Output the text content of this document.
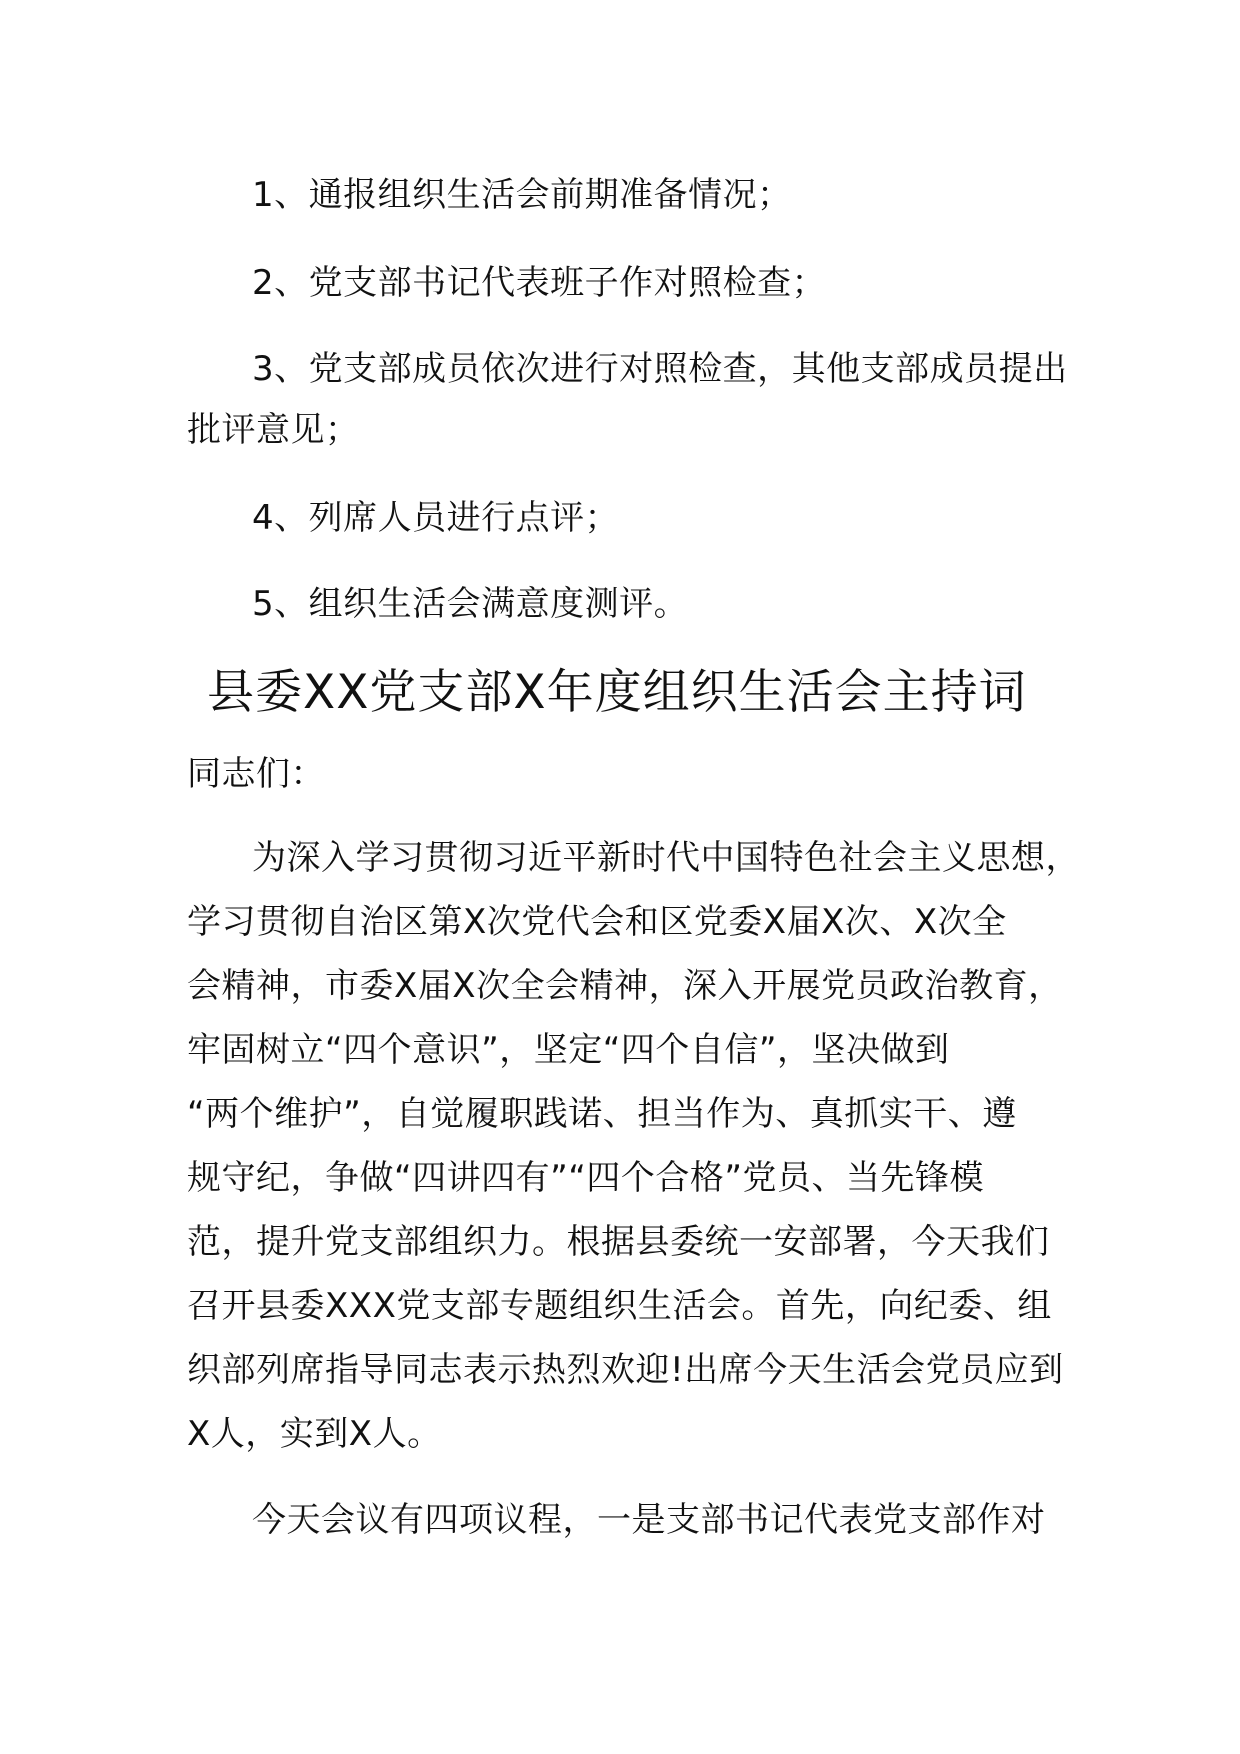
1、通报组织生活会前期准备情况；
2、党支部书记代表班子作对照检查；
3、党支部成员依次进行对照检查，其他支部成员提出
批评意见；
4、列席人员进行点评；
5、组织生活会满意度测评。
县委XX党支部X年度组织生活会主持词
同志们：
为深入学习贯彻习近平新时代中国特色社会主义思想，
学习贯彻自治区第X次党代会和区党委X届X次、X次全
会精神，市委X届X次全会精神，深入开展党员政治教育，
牢固树立“四个意识”，坚定“四个自信”，坚决做到
“两个维护”，自觉履职践诺、担当作为、真抓实干、遵
规守纪，争做“四讲四有”“四个合格”党员、当先锋模
范，提升党支部组织力。根据县委统一安部署，今天我们
召开县委XXX党支部专题组织生活会。首先，向纪委、组
织部列席指导同志表示热烈欢迎!出席今天生活会党员应到
X人，实到X人。
今天会议有四项议程，一是支部书记代表党支部作对
